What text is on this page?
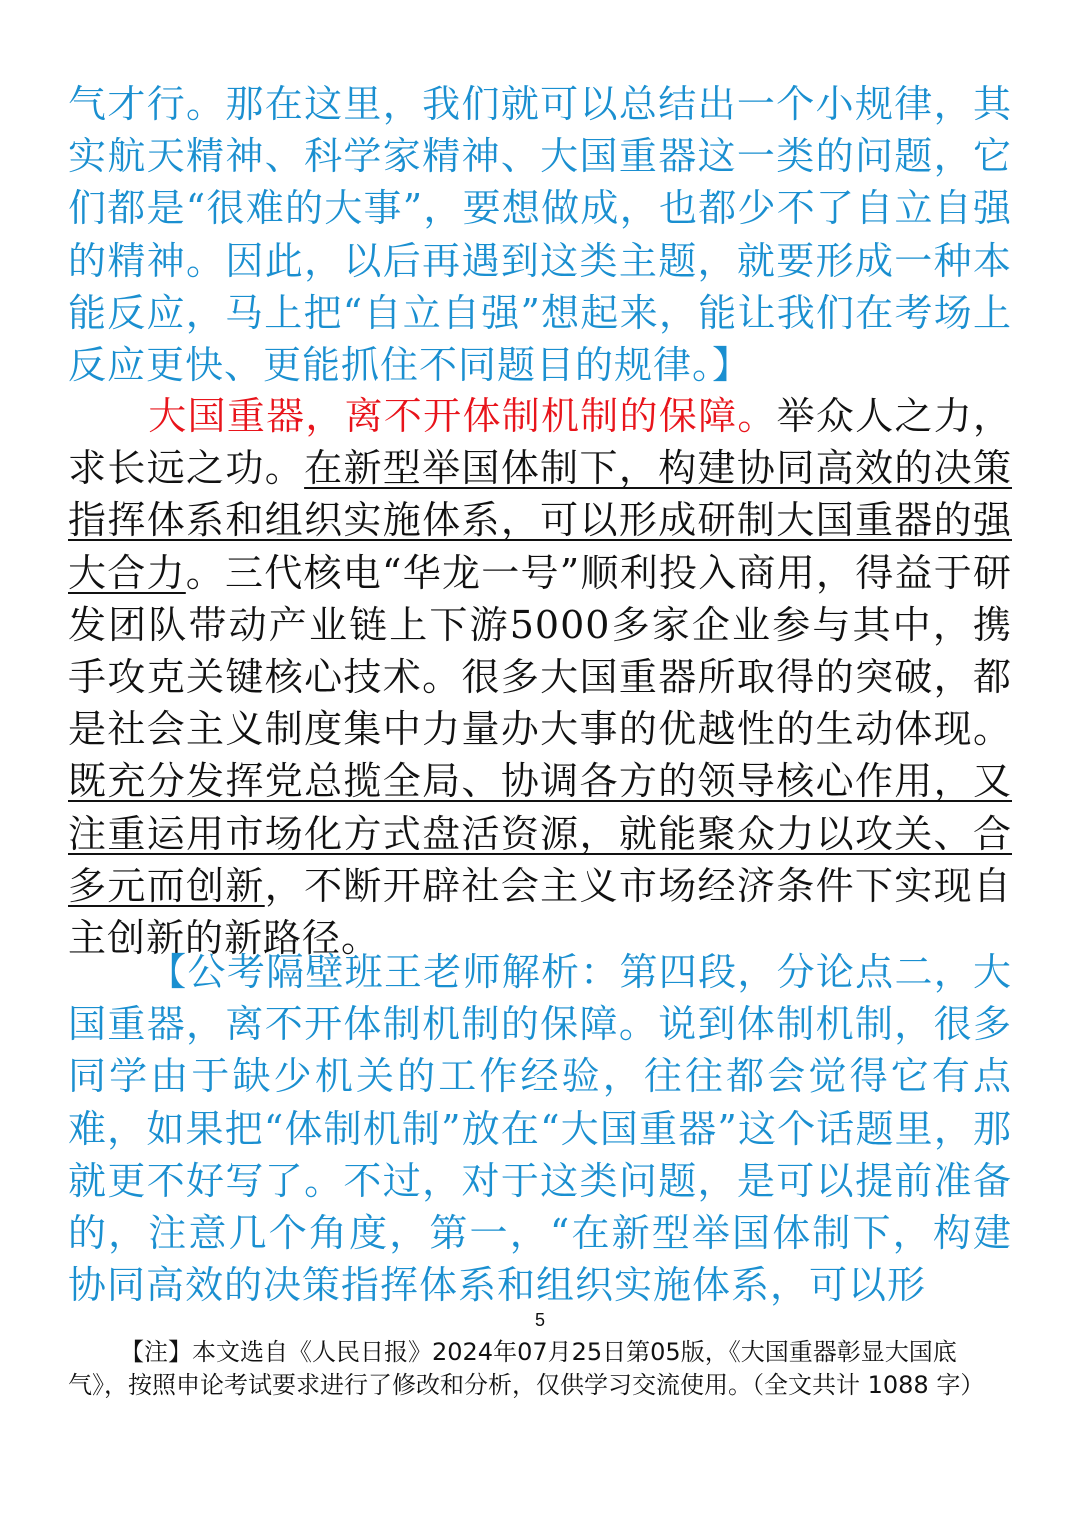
气才行。那在这里，我们就可以总结出一个小规律，其实航天精神、科学家精神、大国重器这一类的问题，它们都是“很难的大事”，要想做成，也都少不了自立自强的精神。因此，以后再遇到这类主题，就要形成一种本能反应，马上把“自立自强”想起来，能让我们在考场上反应更快、更能抓住不同题目的规律。】
大国重器，离不开体制机制的保障。举众人之力，求长远之功。在新型举国体制下，构建协同高效的决策指挥体系和组织实施体系，可以形成研制大国重器的强大合力。三代核电“华龙一号”顺利投入商用，得益于研发团队带动产业链上下游5000多家企业参与其中，携手攻克关键核心技术。很多大国重器所取得的突破，都是社会主义制度集中力量办大事的优越性的生动体现。既充分发挥党总揽全局、协调各方的领导核心作用，又注重运用市场化方式盘活资源，就能聚众力以攻关、合多元而创新，不断开辟社会主义市场经济条件下实现自主创新的新路径。
【公考隔壁班王老师解析：第四段，分论点二，大国重器，离不开体制机制的保障。说到体制机制，很多同学由于缺少机关的工作经验，往往都会觉得它有点难，如果把“体制机制”放在“大国重器”这个话题里，那就更不好写了。不过，对于这类问题，是可以提前准备的，注意几个角度，第一，“在新型举国体制下，构建协同高效的决策指挥体系和组织实施体系，可以形
5
【注】本文选自《人民日报》2024年07月25日第05版，《大国重器彰显大国底气》，按照申论考试要求进行了修改和分析，仅供学习交流使用。（全文共计 1088 字）
